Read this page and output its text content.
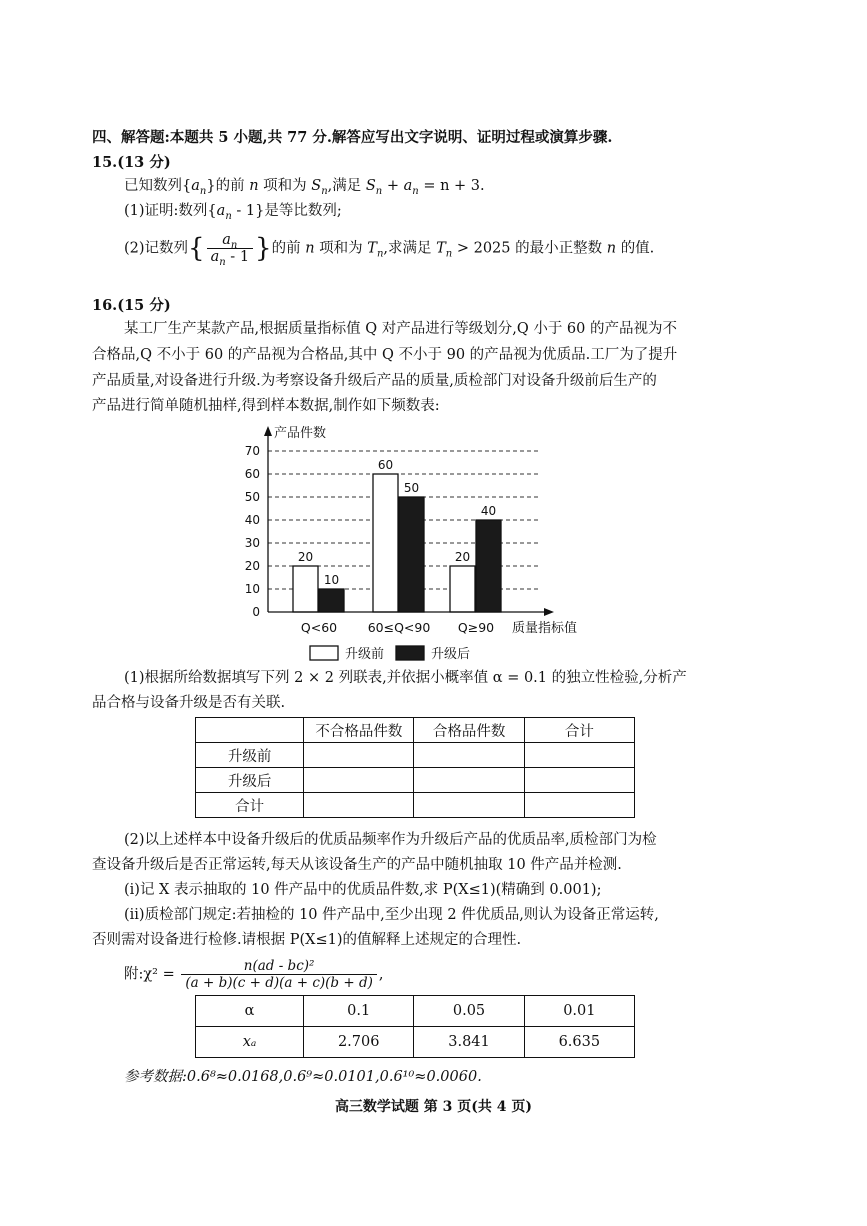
四、解答题:本题共 5 小题,共 77 分.解答应写出文字说明、证明过程或演算步骤.
15.(13 分)
已知数列$\{a_n\}$的前 n 项和为 $S_n$,满足 $S_n + a_n = n + 3$.
(1)证明:数列$\{a_n - 1\}$是等比数列;
(2)记数列{ $\frac{a_n}{a_n - 1}$ }的前 n 项和为 $T_n$,求满足 $T_n > 2025$ 的最小正整数 n 的值.
16.(15 分)
某工厂生产某款产品,根据质量指标值 Q 对产品进行等级划分,Q 小于 60 的产品视为不
合格品,Q 不小于 60 的产品视为合格品,其中 Q 不小于 90 的产品视为优质品.工厂为了提升
产品质量,对设备进行升级.为考察设备升级后产品的质量,质检部门对设备升级前后生产的
产品进行简单随机抽样,得到样本数据,制作如下频数表:
0
10
20
30
40
50
60
70
产品件数
质量指标值
20
10
Q<60
60
50
60≤Q<90
20
40
Q≥90
升级前	升级后
(1)根据所给数据填写下列 2 × 2 列联表,并依据小概率值 α = 0.1 的独立性检验,分析产
品合格与设备升级是否有关联.
	不合格品件数	合格品件数	合计
升级前			
升级后			
合计			
(2)以上述样本中设备升级后的优质品频率作为升级后产品的优质品率,质检部门为检
查设备升级后是否正常运转,每天从该设备生产的产品中随机抽取 10 件产品并检测.
(i)记 X 表示抽取的 10 件产品中的优质品件数,求 P(X≤1)(精确到 0.001);
(ii)质检部门规定:若抽检的 10 件产品中,至少出现 2 件优质品,则认为设备正常运转,
否则需对设备进行检修.请根据 P(X≤1)的值解释上述规定的合理性.
附:χ² = $\frac{\text{n(ad - bc)²}}{(a + b)(c + d)(a + c)(b + d)}$ ,
α	0.1	0.05	0.01
xₐ	2.706	3.841	6.635
参考数据:0.6⁸≈0.0168,0.6⁹≈0.0101,0.6¹⁰≈0.0060.
高三数学试题 第 3 页(共 4 页)
